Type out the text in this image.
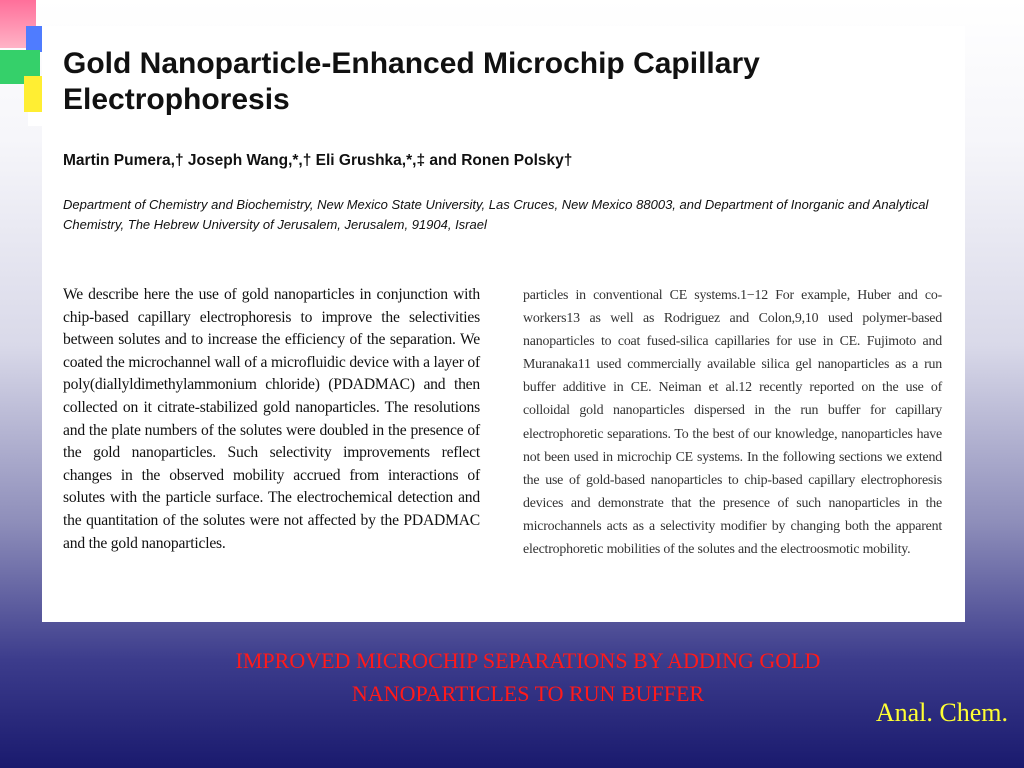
Gold Nanoparticle-Enhanced Microchip Capillary Electrophoresis

Martin Pumera,† Joseph Wang,*,† Eli Grushka,*,‡ and Ronen Polsky†

Department of Chemistry and Biochemistry, New Mexico State University, Las Cruces, New Mexico 88003, and Department of Inorganic and Analytical Chemistry, The Hebrew University of Jerusalem, Jerusalem, 91904, Israel

We describe here the use of gold nanoparticles in conjunction with chip-based capillary electrophoresis to improve the selectivities between solutes and to increase the efficiency of the separation. We coated the microchannel wall of a microfluidic device with a layer of poly(diallyldimethylammonium chloride) (PDADMAC) and then collected on it citrate-stabilized gold nanoparticles. The resolutions and the plate numbers of the solutes were doubled in the presence of the gold nanoparticles. Such selectivity improvements reflect changes in the observed mobility accrued from interactions of solutes with the particle surface. The electrochemical detection and the quantitation of the solutes were not affected by the PDADMAC and the gold nanoparticles.

particles in conventional CE systems.1−12 For example, Huber and co-workers13 as well as Rodriguez and Colon,9,10 used polymer-based nanoparticles to coat fused-silica capillaries for use in CE. Fujimoto and Muranaka11 used commercially available silica gel nanoparticles as a run buffer additive in CE. Neiman et al.12 recently reported on the use of colloidal gold nanoparticles dispersed in the run buffer for capillary electrophoretic separations. To the best of our knowledge, nanoparticles have not been used in microchip CE systems. In the following sections we extend the use of gold-based nanoparticles to chip-based capillary electrophoresis devices and demonstrate that the presence of such nanoparticles in the microchannels acts as a selectivity modifier by changing both the apparent electrophoretic mobilities of the solutes and the electroosmotic mobility.

IMPROVED MICROCHIP SEPARATIONS BY ADDING GOLD NANOPARTICLES TO RUN BUFFER

Anal. Chem.
